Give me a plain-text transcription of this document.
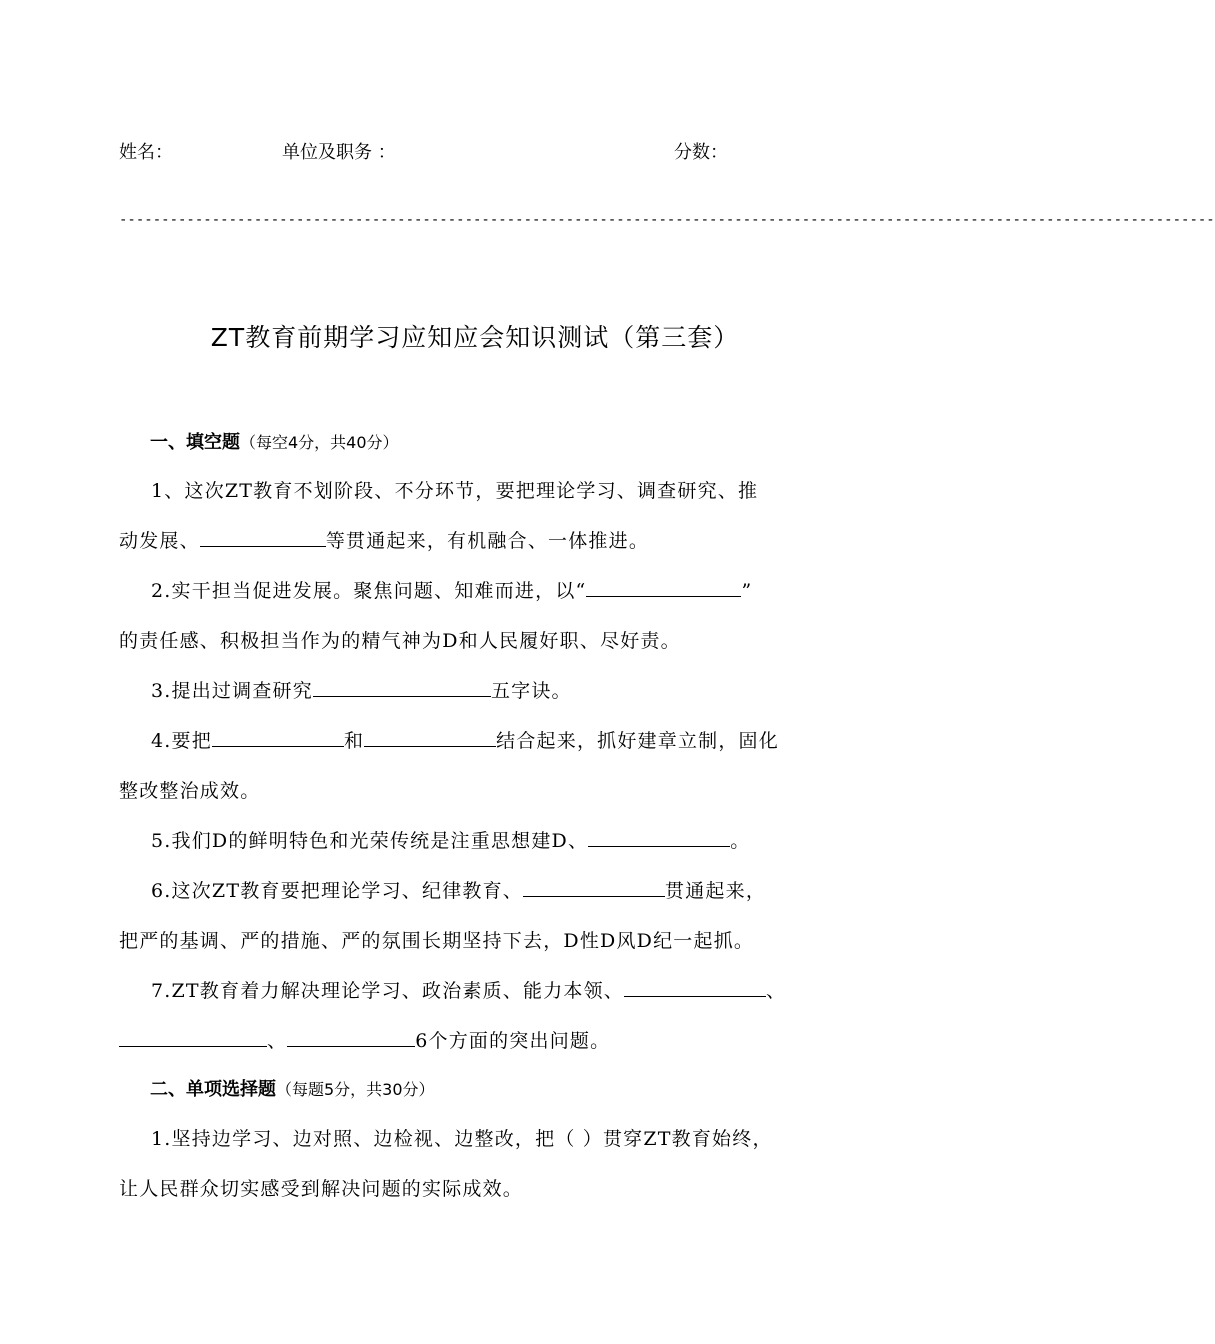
姓名：	单位及职务 ：	分数：
----------------------------------------------------------------------------------------------------------------------------------
ZT教育前期学习应知应会知识测试（第三套）
一、填空题（每空4分，共40分）
1、这次ZT教育不划阶段、不分环节，要把理论学习、调查研究、推
动发展、	等贯通起来，有机融合、一体推进。
2.实干担当促进发展。聚焦问题、知难而进，以“	”
的责任感、积极担当作为的精气神为D和人民履好职、尽好责。
3.提出过调查研究	五字诀。
4.要把	和	结合起来，抓好建章立制，固化
整改整治成效。
5.我们D的鲜明特色和光荣传统是注重思想建D、	。
6.这次ZT教育要把理论学习、纪律教育、	贯通起来，
把严的基调、严的措施、严的氛围长期坚持下去，D性D风D纪一起抓。
7.ZT教育着力解决理论学习、政治素质、能力本领、	、
、	6个方面的突出问题。
二、单项选择题（每题5分，共30分）
1.坚持边学习、边对照、边检视、边整改，把（ ）贯穿ZT教育始终，
让人民群众切实感受到解决问题的实际成效。
